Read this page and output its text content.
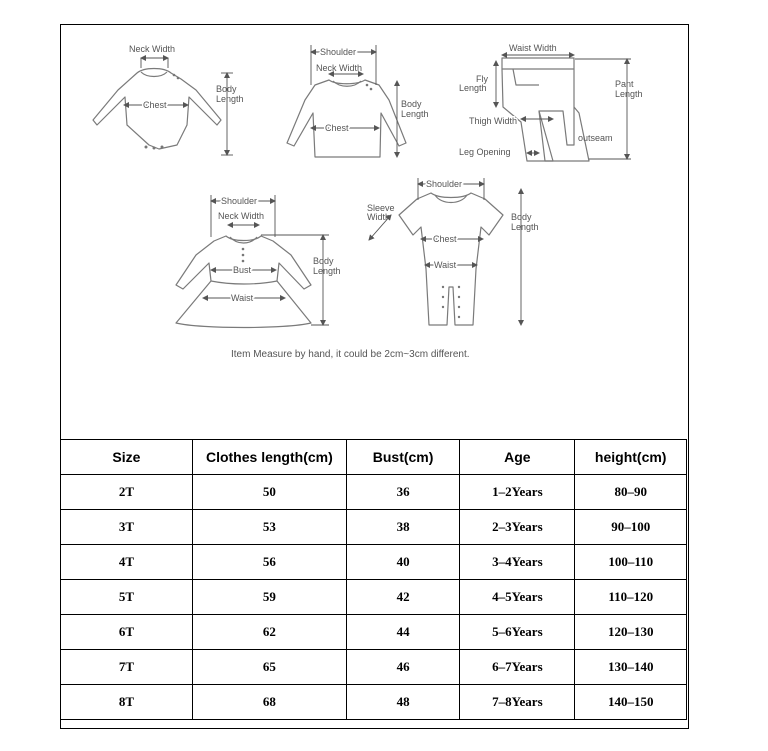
Neck Width
Chest
Body
Length
Shoulder
Neck Width
Chest
Body
Length
Waist Width
Fly
Length
Thigh Width
Leg Opening
Pant
Length
outseam
Shoulder
Neck Width
Bust
Waist
Body
Length
Shoulder
Sleeve
Width
Chest
Waist
Body
Length
Item Measure by hand, it could be 2cm~3cm different.
Size	Clothes length(cm)	Bust(cm)	Age	height(cm)
2T	50	36	1–2Years	80–90
3T	53	38	2–3Years	90–100
4T	56	40	3–4Years	100–110
5T	59	42	4–5Years	110–120
6T	62	44	5–6Years	120–130
7T	65	46	6–7Years	130–140
8T	68	48	7–8Years	140–150
